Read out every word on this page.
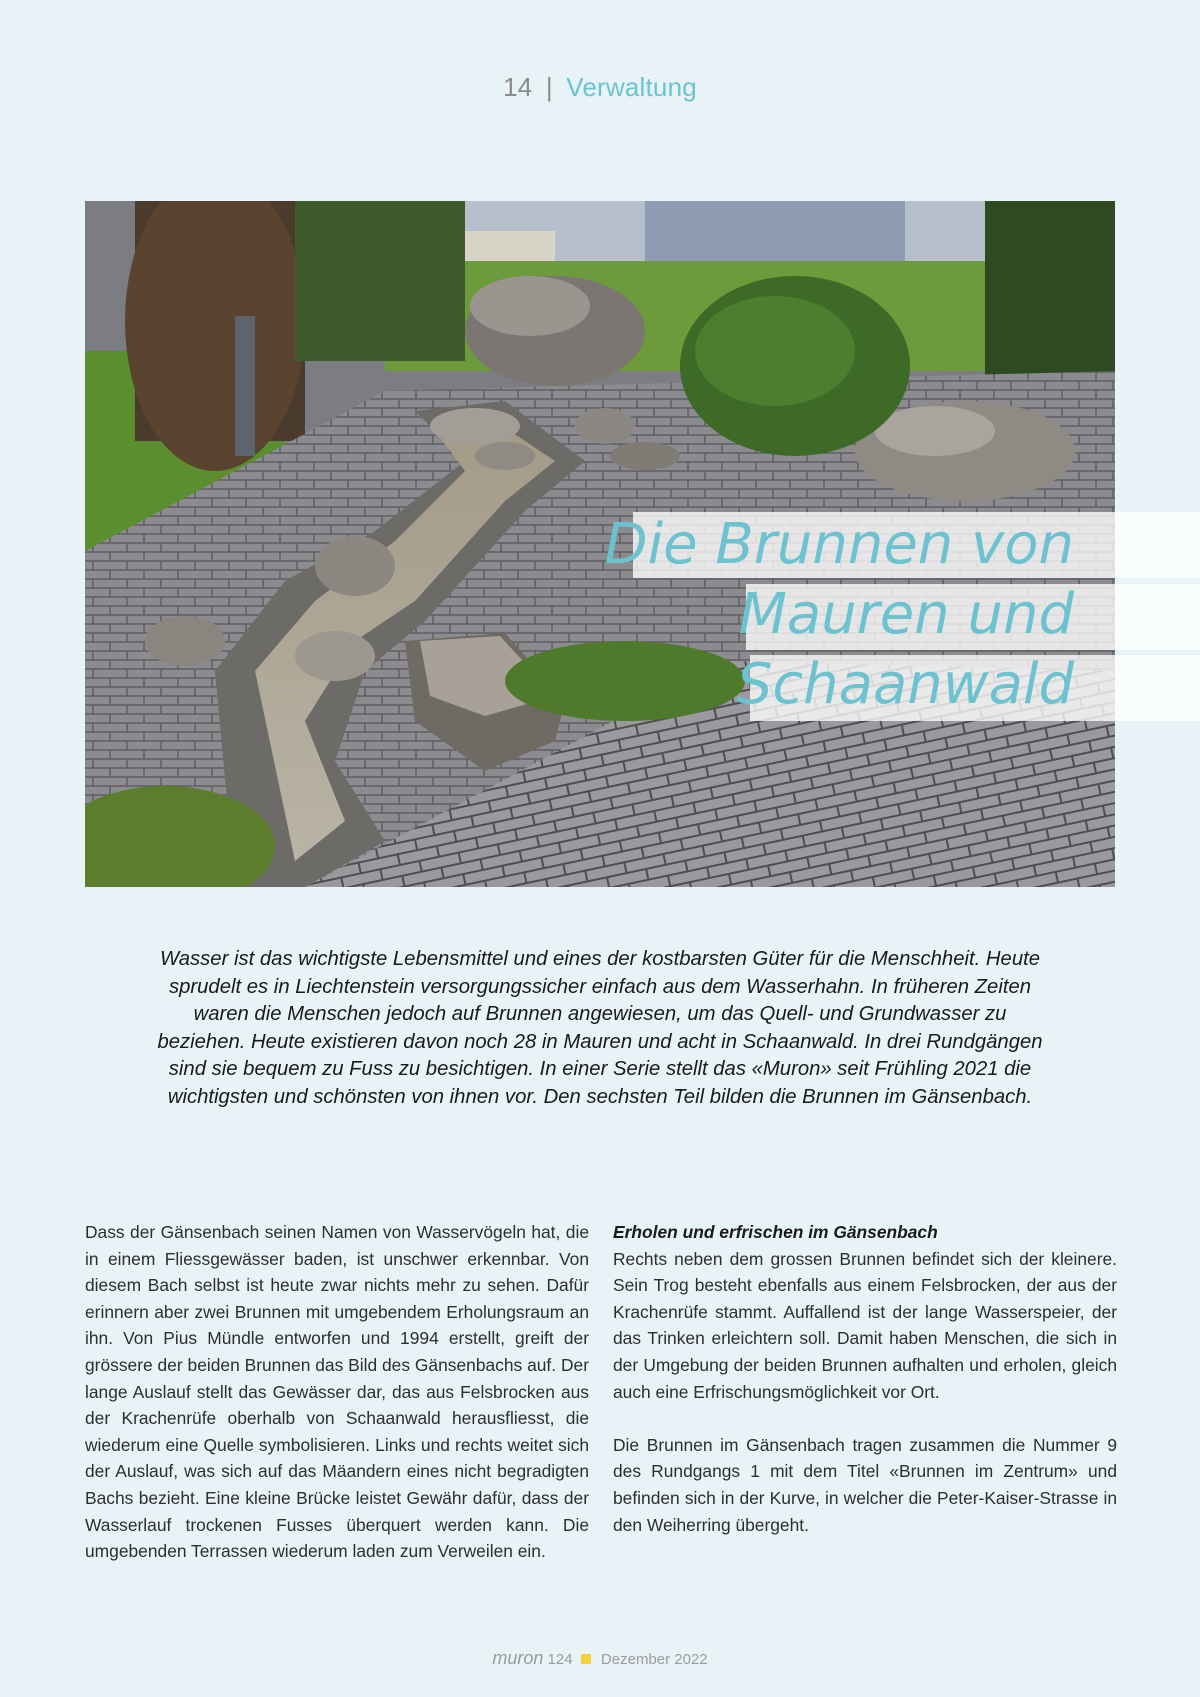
14 | Verwaltung
Die Brunnen von
Mauren und
Schaanwald
Wasser ist das wichtigste Lebensmittel und eines der kostbarsten Güter für die Menschheit. Heute sprudelt es in Liechtenstein versorgungssicher einfach aus dem Wasserhahn. In früheren Zeiten waren die Menschen jedoch auf Brunnen angewiesen, um das Quell- und Grundwasser zu beziehen. Heute existieren davon noch 28 in Mauren und acht in Schaanwald. In drei Rundgängen sind sie bequem zu Fuss zu besichtigen. In einer Serie stellt das «Muron» seit Frühling 2021 die wichtigsten und schönsten von ihnen vor. Den sechsten Teil bilden die Brunnen im Gänsenbach.

Dass der Gänsenbach seinen Namen von Wasservögeln hat, die in einem Fliessgewässer baden, ist unschwer erkennbar. Von diesem Bach selbst ist heute zwar nichts mehr zu sehen. Dafür erinnern aber zwei Brunnen mit umgebendem Erholungsraum an ihn. Von Pius Mündle entworfen und 1994 erstellt, greift der grössere der beiden Brunnen das Bild des Gänsenbachs auf. Der lange Auslauf stellt das Gewässer dar, das aus Felsbrocken aus der Krachenrüfe oberhalb von Schaanwald herausfliesst, die wiederum eine Quelle symbolisieren. Links und rechts weitet sich der Auslauf, was sich auf das Mäandern eines nicht begradigten Bachs bezieht. Eine kleine Brücke leistet Gewähr dafür, dass der Wasserlauf trockenen Fusses überquert werden kann. Die umgebenden Terrassen wiederum laden zum Verweilen ein.

Erholen und erfrischen im Gänsenbach

Rechts neben dem grossen Brunnen befindet sich der kleinere. Sein Trog besteht ebenfalls aus einem Felsbrocken, der aus der Krachenrüfe stammt. Auffallend ist der lange Wasserspeier, der das Trinken erleichtern soll. Damit haben Menschen, die sich in der Umgebung der beiden Brunnen aufhalten und erholen, gleich auch eine Erfrischungsmöglichkeit vor Ort.

Die Brunnen im Gänsenbach tragen zusammen die Nummer 9 des Rundgangs 1 mit dem Titel «Brunnen im Zentrum» und befinden sich in der Kurve, in welcher die Peter-Kaiser-Strasse in den Weiherring übergeht.

muron 124 Dezember 2022
